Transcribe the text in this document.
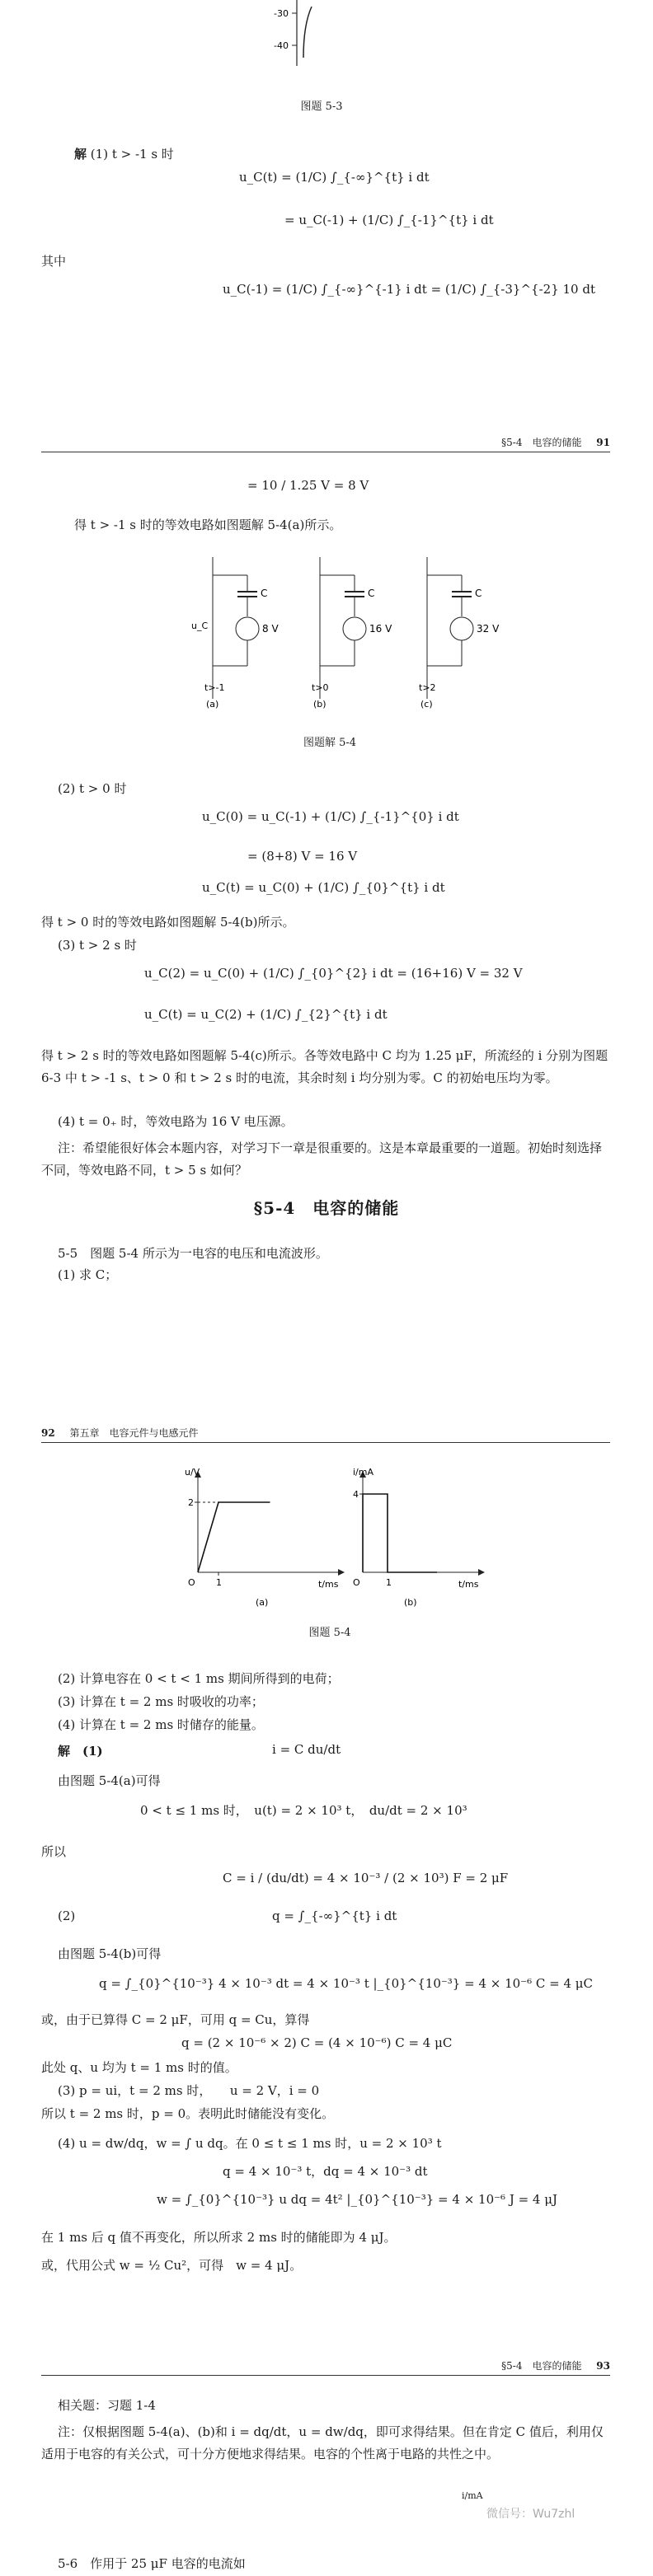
-30
-40
图题 5-3
解 (1) t > -1 s 时
u_C(t) = (1/C) ∫_{-∞}^{t} i dt
= u_C(-1) + (1/C) ∫_{-1}^{t} i dt
其中
u_C(-1) = (1/C) ∫_{-∞}^{-1} i dt = (1/C) ∫_{-3}^{-2} 10 dt
§5-4　电容的储能 91
= 10 / 1.25 V = 8 V
得 t > -1 s 时的等效电路如图题解 5-4(a)所示。
C
u_C	8 V
t>-1
(a)
C
16 V
t>0
(b)
C
32 V
t>2
(c)
图题解 5-4
(2) t > 0 时
u_C(0) = u_C(-1) + (1/C) ∫_{-1}^{0} i dt
= (8+8) V = 16 V
u_C(t) = u_C(0) + (1/C) ∫_{0}^{t} i dt
得 t > 0 时的等效电路如图题解 5-4(b)所示。
(3) t > 2 s 时
u_C(2) = u_C(0) + (1/C) ∫_{0}^{2} i dt = (16+16) V = 32 V
u_C(t) = u_C(2) + (1/C) ∫_{2}^{t} i dt
得 t > 2 s 时的等效电路如图题解 5-4(c)所示。各等效电路中 C 均为 1.25 μF，所流经的 i 分别为图题 6-3 中 t > -1 s、t > 0 和 t > 2 s 时的电流，其余时刻 i 均分别为零。C 的初始电压均为零。
(4) t = 0₊ 时，等效电路为 16 V 电压源。
注：希望能很好体会本题内容，对学习下一章是很重要的。这是本章最重要的一道题。初始时刻选择不同，等效电路不同，t > 5 s 如何？
§5-4　电容的储能
5-5　图题 5-4 所示为一电容的电压和电流波形。
(1) 求 C；
92 第五章　电容元件与电感元件
u/V
t/ms
2
1
O
(a)
i/mA
t/ms
4
1
O
(b)
图题 5-4
(2) 计算电容在 0 < t < 1 ms 期间所得到的电荷；
(3) 计算在 t = 2 ms 时吸收的功率；
(4) 计算在 t = 2 ms 时储存的能量。
解　(1)	i = C du/dt
由图题 5-4(a)可得
0 < t ≤ 1 ms 时，　u(t) = 2 × 10³ t，　du/dt = 2 × 10³
所以
C = i / (du/dt) = 4 × 10⁻³ / (2 × 10³) F = 2 μF
(2)	q = ∫_{-∞}^{t} i dt
由图题 5-4(b)可得
q = ∫_{0}^{10⁻³} 4 × 10⁻³ dt = 4 × 10⁻³ t |_{0}^{10⁻³} = 4 × 10⁻⁶ C = 4 μC
或，由于已算得 C = 2 μF，可用 q = Cu，算得
q = (2 × 10⁻⁶ × 2) C = (4 × 10⁻⁶) C = 4 μC
此处 q、u 均为 t = 1 ms 时的值。
(3) p = ui，t = 2 ms 时，　　u = 2 V，i = 0
所以 t = 2 ms 时，p = 0。表明此时储能没有变化。
(4) u = dw/dq，w = ∫ u dq。在 0 ≤ t ≤ 1 ms 时，u = 2 × 10³ t
q = 4 × 10⁻³ t，dq = 4 × 10⁻³ dt
w = ∫_{0}^{10⁻³} u dq = 4t² |_{0}^{10⁻³} = 4 × 10⁻⁶ J = 4 μJ
在 1 ms 后 q 值不再变化，所以所求 2 ms 时的储能即为 4 μJ。
或，代用公式 w = ½ Cu²，可得　w = 4 μJ。
§5-4　电容的储能 93
相关题：习题 1-4
注：仅根据图题 5-4(a)、(b)和 i = dq/dt，u = dw/dq，即可求得结果。但在肯定 C 值后，利用仅适用于电容的有关公式，可十分方便地求得结果。电容的个性离于电路的共性之中。
i/mA
微信号：Wu7zhl
5-6　作用于 25 μF 电容的电流如
